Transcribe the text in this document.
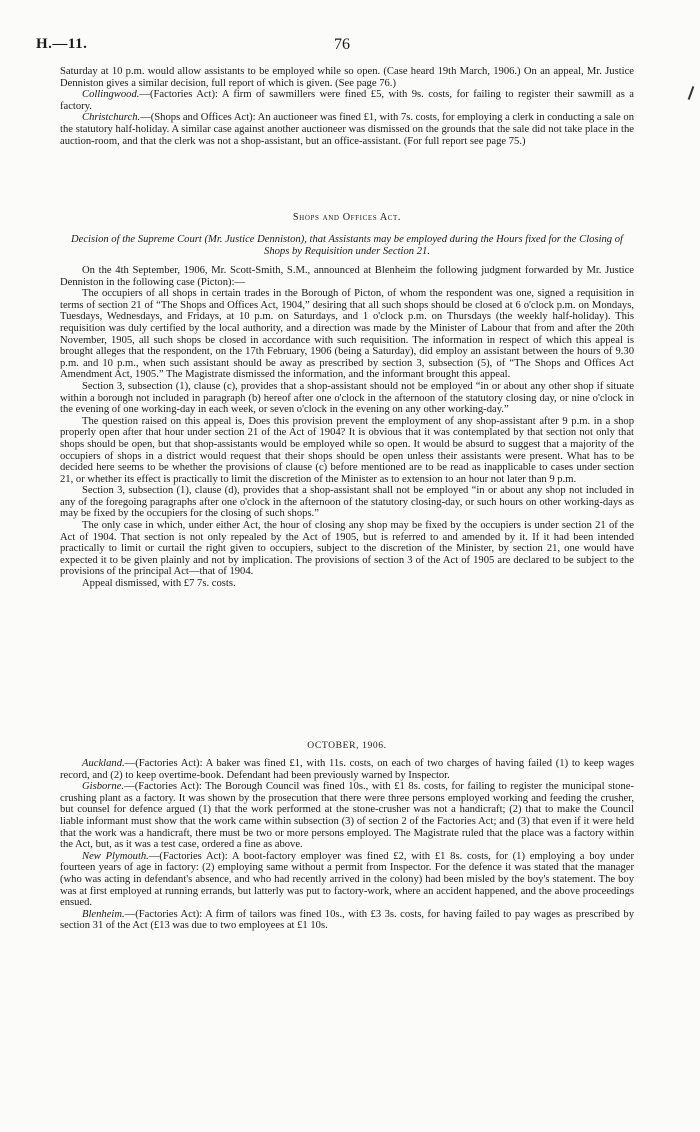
H.—11.	76

Saturday at 10 p.m. would allow assistants to be employed while so open. (Case heard 19th March, 1906.) On an appeal, Mr. Justice Denniston gives a similar decision, full report of which is given. (See page 76.)

Collingwood.—(Factories Act): A firm of sawmillers were fined £5, with 9s. costs, for failing to register their sawmill as a factory.

Christchurch.—(Shops and Offices Act): An auctioneer was fined £1, with 7s. costs, for employing a clerk in conducting a sale on the statutory half-holiday. A similar case against another auctioneer was dismissed on the grounds that the sale did not take place in the auction-room, and that the clerk was not a shop-assistant, but an office-assistant. (For full report see page 75.)

Shops and Offices Act.

Decision of the Supreme Court (Mr. Justice Denniston), that Assistants may be employed during the Hours fixed for the Closing of Shops by Requisition under Section 21.

On the 4th September, 1906, Mr. Scott-Smith, S.M., announced at Blenheim the following judgment forwarded by Mr. Justice Denniston in the following case (Picton):—

The occupiers of all shops in certain trades in the Borough of Picton, of whom the respondent was one, signed a requisition in terms of section 21 of “The Shops and Offices Act, 1904,” desiring that all such shops should be closed at 6 o'clock p.m. on Mondays, Tuesdays, Wednesdays, and Fridays, at 10 p.m. on Saturdays, and 1 o'clock p.m. on Thursdays (the weekly half-holiday). This requisition was duly certified by the local authority, and a direction was made by the Minister of Labour that from and after the 20th November, 1905, all such shops be closed in accordance with such requisition. The information in respect of which this appeal is brought alleges that the respondent, on the 17th February, 1906 (being a Saturday), did employ an assistant between the hours of 9.30 p.m. and 10 p.m., when such assistant should be away as prescribed by section 3, subsection (5), of “The Shops and Offices Act Amendment Act, 1905.” The Magistrate dismissed the information, and the informant brought this appeal.

Section 3, subsection (1), clause (c), provides that a shop-assistant should not be employed “in or about any other shop if situate within a borough not included in paragraph (b) hereof after one o'clock in the afternoon of the statutory closing day, or nine o'clock in the evening of one working-day in each week, or seven o'clock in the evening on any other working-day.”

The question raised on this appeal is, Does this provision prevent the employment of any shop-assistant after 9 p.m. in a shop properly open after that hour under section 21 of the Act of 1904? It is obvious that it was contemplated by that section not only that shops should be open, but that shop-assistants would be employed while so open. It would be absurd to suggest that a majority of the occupiers of shops in a district would request that their shops should be open unless their assistants were present. What has to be decided here seems to be whether the provisions of clause (c) before mentioned are to be read as inapplicable to cases under section 21, or whether its effect is practically to limit the discretion of the Minister as to extension to an hour not later than 9 p.m.

Section 3, subsection (1), clause (d), provides that a shop-assistant shall not be employed “in or about any shop not included in any of the foregoing paragraphs after one o'clock in the afternoon of the statutory closing-day, or such hours on other working-days as may be fixed by the occupiers for the closing of such shops.”

The only case in which, under either Act, the hour of closing any shop may be fixed by the occupiers is under section 21 of the Act of 1904. That section is not only repealed by the Act of 1905, but is referred to and amended by it. If it had been intended practically to limit or curtail the right given to occupiers, subject to the discretion of the Minister, by section 21, one would have expected it to be given plainly and not by implication. The provisions of section 3 of the Act of 1905 are declared to be subject to the provisions of the principal Act—that of 1904.

Appeal dismissed, with £7 7s. costs.

OCTOBER, 1906.

Auckland.—(Factories Act): A baker was fined £1, with 11s. costs, on each of two charges of having failed (1) to keep wages record, and (2) to keep overtime-book. Defendant had been previously warned by Inspector.

Gisborne.—(Factories Act): The Borough Council was fined 10s., with £1 8s. costs, for failing to register the municipal stone-crushing plant as a factory. It was shown by the prosecution that there were three persons employed working and feeding the crusher, but counsel for defence argued (1) that the work performed at the stone-crusher was not a handicraft; (2) that to make the Council liable informant must show that the work came within subsection (3) of section 2 of the Factories Act; and (3) that even if it were held that the work was a handicraft, there must be two or more persons employed. The Magistrate ruled that the place was a factory within the Act, but, as it was a test case, ordered a fine as above.

New Plymouth.—(Factories Act): A boot-factory employer was fined £2, with £1 8s. costs, for (1) employing a boy under fourteen years of age in factory: (2) employing same without a permit from Inspector. For the defence it was stated that the manager (who was acting in defendant's absence, and who had recently arrived in the colony) had been misled by the boy's statement. The boy was at first employed at running errands, but latterly was put to factory-work, where an accident happened, and the above proceedings ensued.

Blenheim.—(Factories Act): A firm of tailors was fined 10s., with £3 3s. costs, for having failed to pay wages as prescribed by section 31 of the Act (£13 was due to two employees at £1 10s.
